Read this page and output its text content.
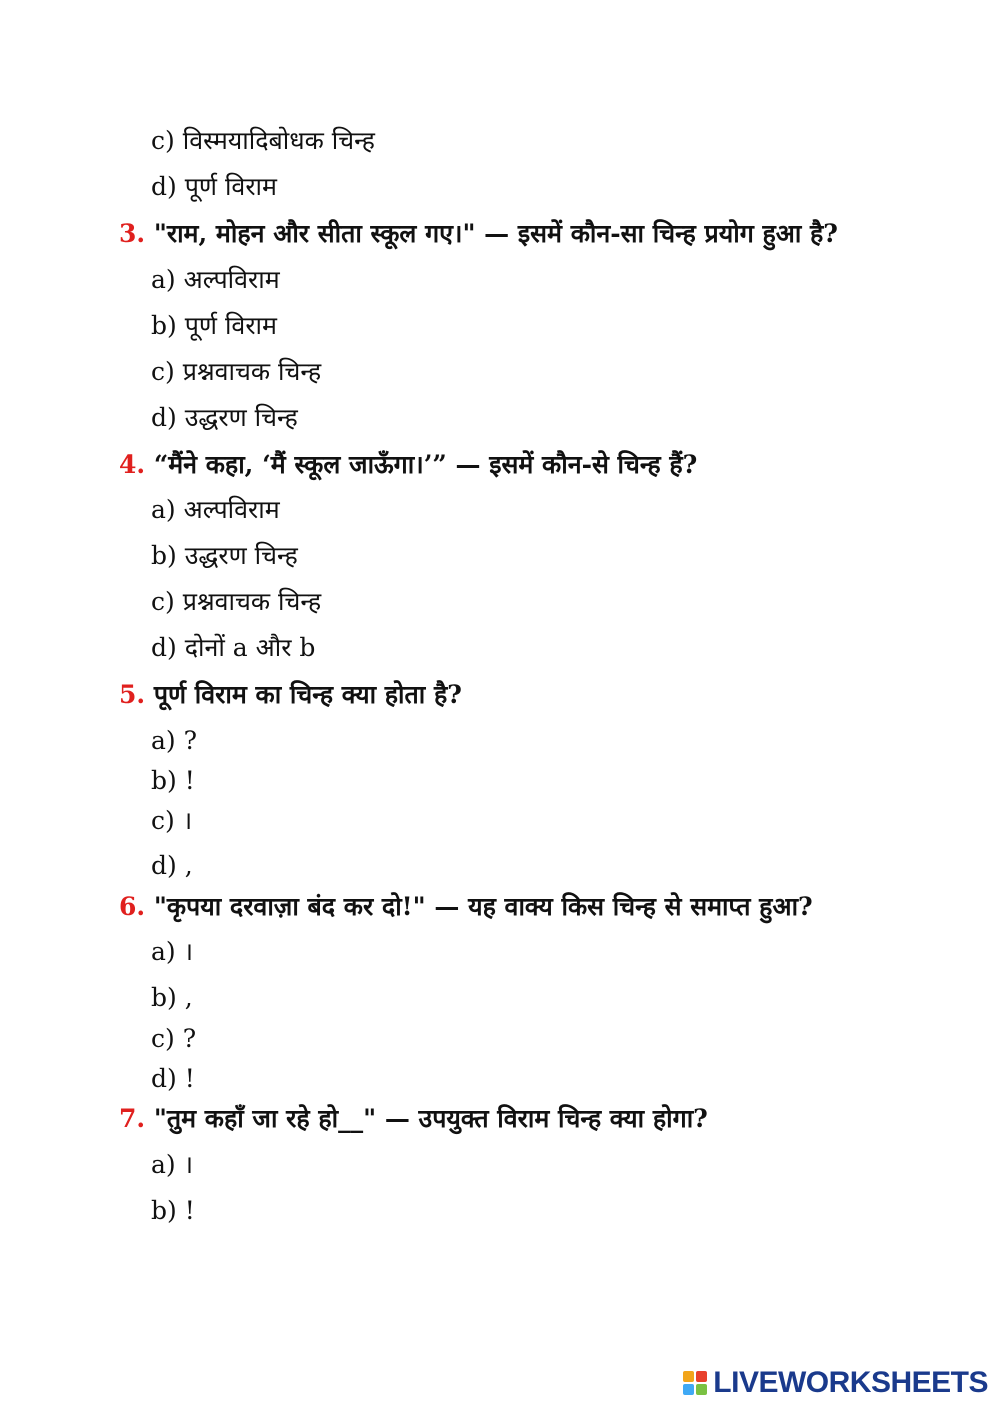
c) विस्मयादिबोधक चिन्ह
d) पूर्ण विराम
3. "राम, मोहन और सीता स्कूल गए।" — इसमें कौन-सा चिन्ह प्रयोग हुआ है?
a) अल्पविराम
b) पूर्ण विराम
c) प्रश्नवाचक चिन्ह
d) उद्धरण चिन्ह
4. “मैंने कहा, ‘मैं स्कूल जाऊँगा।’” — इसमें कौन-से चिन्ह हैं?
a) अल्पविराम
b) उद्धरण चिन्ह
c) प्रश्नवाचक चिन्ह
d) दोनों a और b
5. पूर्ण विराम का चिन्ह क्या होता है?
a) ?
b) !
c) ।
d) ,
6. "कृपया दरवाज़ा बंद कर दो!" — यह वाक्य किस चिन्ह से समाप्त हुआ?
a) ।
b) ,
c) ?
d) !
7. "तुम कहाँ जा रहे हो__" — उपयुक्त विराम चिन्ह क्या होगा?
a) ।
b) !
LIVEWORKSHEETS
